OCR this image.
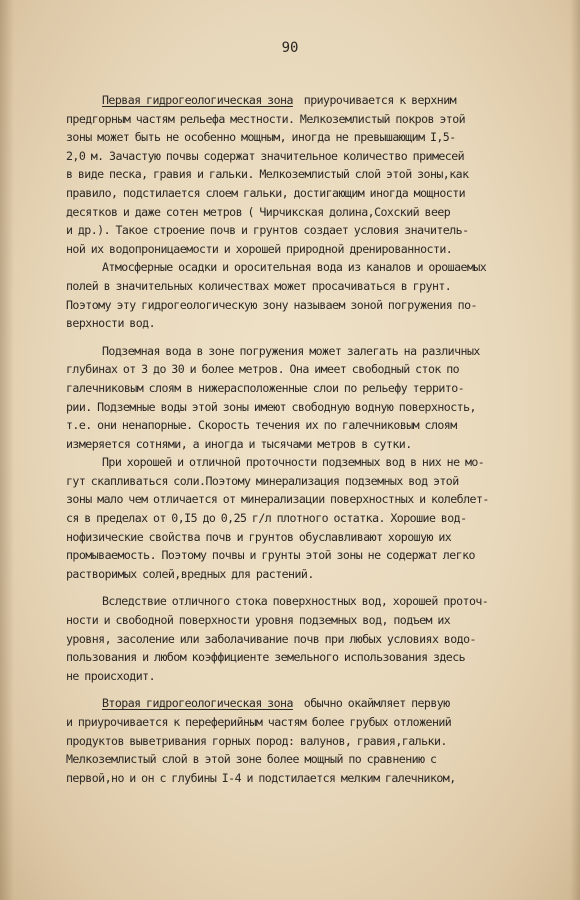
90
Первая гидрогеологическая зона  приурочивается к верхним
предгорным частям рельефа местности. Мелкоземлистый покров этой
зоны может быть не особенно мощным, иногда не превышающим I,5-
2,0 м. Зачастую почвы содержат значительное количество примесей
в виде песка, гравия и гальки. Мелкоземлистый слой этой зоны,как
правило, подстилается слоем гальки, достигающим иногда мощности
десятков и даже сотен метров ( Чирчикская долина,Сохский веер
и др.). Такое строение почв и грунтов создает условия значитель-
ной их водопроницаемости и хорошей природной дренированности.
Атмосферные осадки и оросительная вода из каналов и орошаемых
полей в значительных количествах может просачиваться в грунт.
Поэтому эту гидрогеологическую зону называем зоной погружения по-
верхности вод.
Подземная вода в зоне погружения может залегать на различных
глубинах от 3 до 30 и более метров. Она имеет свободный сток по
галечниковым слоям в нижерасположенные слои по рельефу террито-
рии. Подземные воды этой зоны имеют свободную водную поверхность,
т.е. они ненапорные. Скорость течения их по галечниковым слоям
измеряется сотнями, а иногда и тысячами метров в сутки.
При хорошей и отличной проточности подземных вод в них не мо-
гут скапливаться соли.Поэтому минерализация подземных вод этой
зоны мало чем отличается от минерализации поверхностных и колеблет-
ся в пределах от 0,I5 до 0,25 г/л плотного остатка. Хорошие вод-
нофизические свойства почв и грунтов обуславливают хорошую их
промываемость. Поэтому почвы и грунты этой зоны не содержат легко
растворимых солей,вредных для растений.
Вследствие отличного стока поверхностных вод, хорошей проточ-
ности и свободной поверхности уровня подземных вод, подъем их
уровня, засоление или заболачивание почв при любых условиях водо-
пользования и любом коэффициенте земельного использования здесь
не происходит.
Вторая гидрогеологическая зона  обычно окаймляет первую
и приурочивается к переферийным частям более грубых отложений
продуктов выветривания горных пород: валунов, гравия,гальки.
Мелкоземлистый слой в этой зоне более мощный по сравнению с
первой,но и он с глубины I-4 и подстилается мелким галечником,
